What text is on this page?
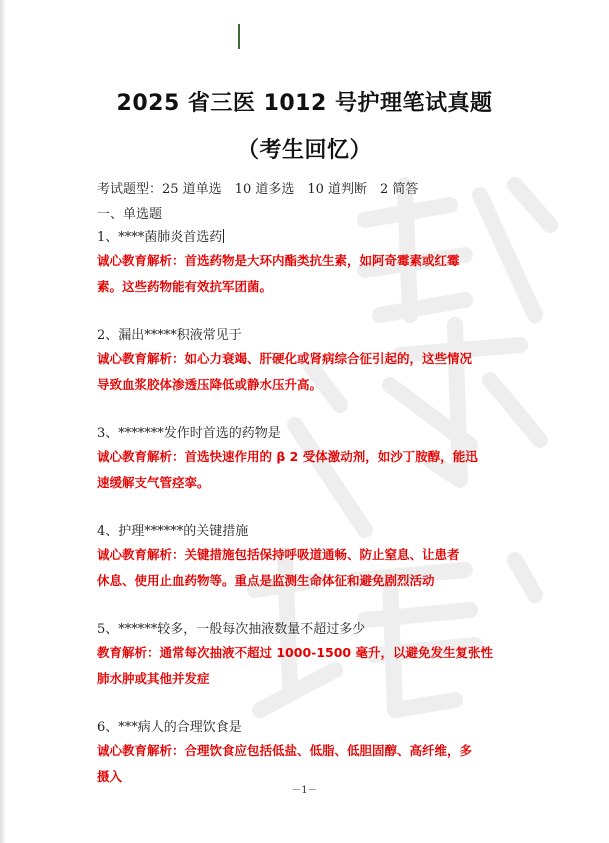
2025 省三医 1012 号护理笔试真题
（考生回忆）

考试题型：25 道单选　10 道多选　10 道判断　2 简答

一、单选题

1、****菌肺炎首选药

诚心教育解析：首选药物是大环内酯类抗生素，如阿奇霉素或红霉

素。这些药物能有效抗军团菌。

2、漏出*****积液常见于

诚心教育解析：如心力衰竭、肝硬化或肾病综合征引起的，这些情况

导致血浆胶体渗透压降低或静水压升高。

3、*******发作时首选的药物是

诚心教育解析：首选快速作用的 β 2 受体激动剂，如沙丁胺醇，能迅

速缓解支气管痉挛。

4、护理******的关键措施

诚心教育解析：关键措施包括保持呼吸道通畅、防止窒息、让患者

休息、使用止血药物等。重点是监测生命体征和避免剧烈活动

5、******较多，一般每次抽液数量不超过多少

教育解析：通常每次抽液不超过 1000-1500 毫升，以避免发生复张性

肺水肿或其他并发症

6、***病人的合理饮食是

诚心教育解析：合理饮食应包括低盐、低脂、低胆固醇、高纤维，多

摄入

－1－
